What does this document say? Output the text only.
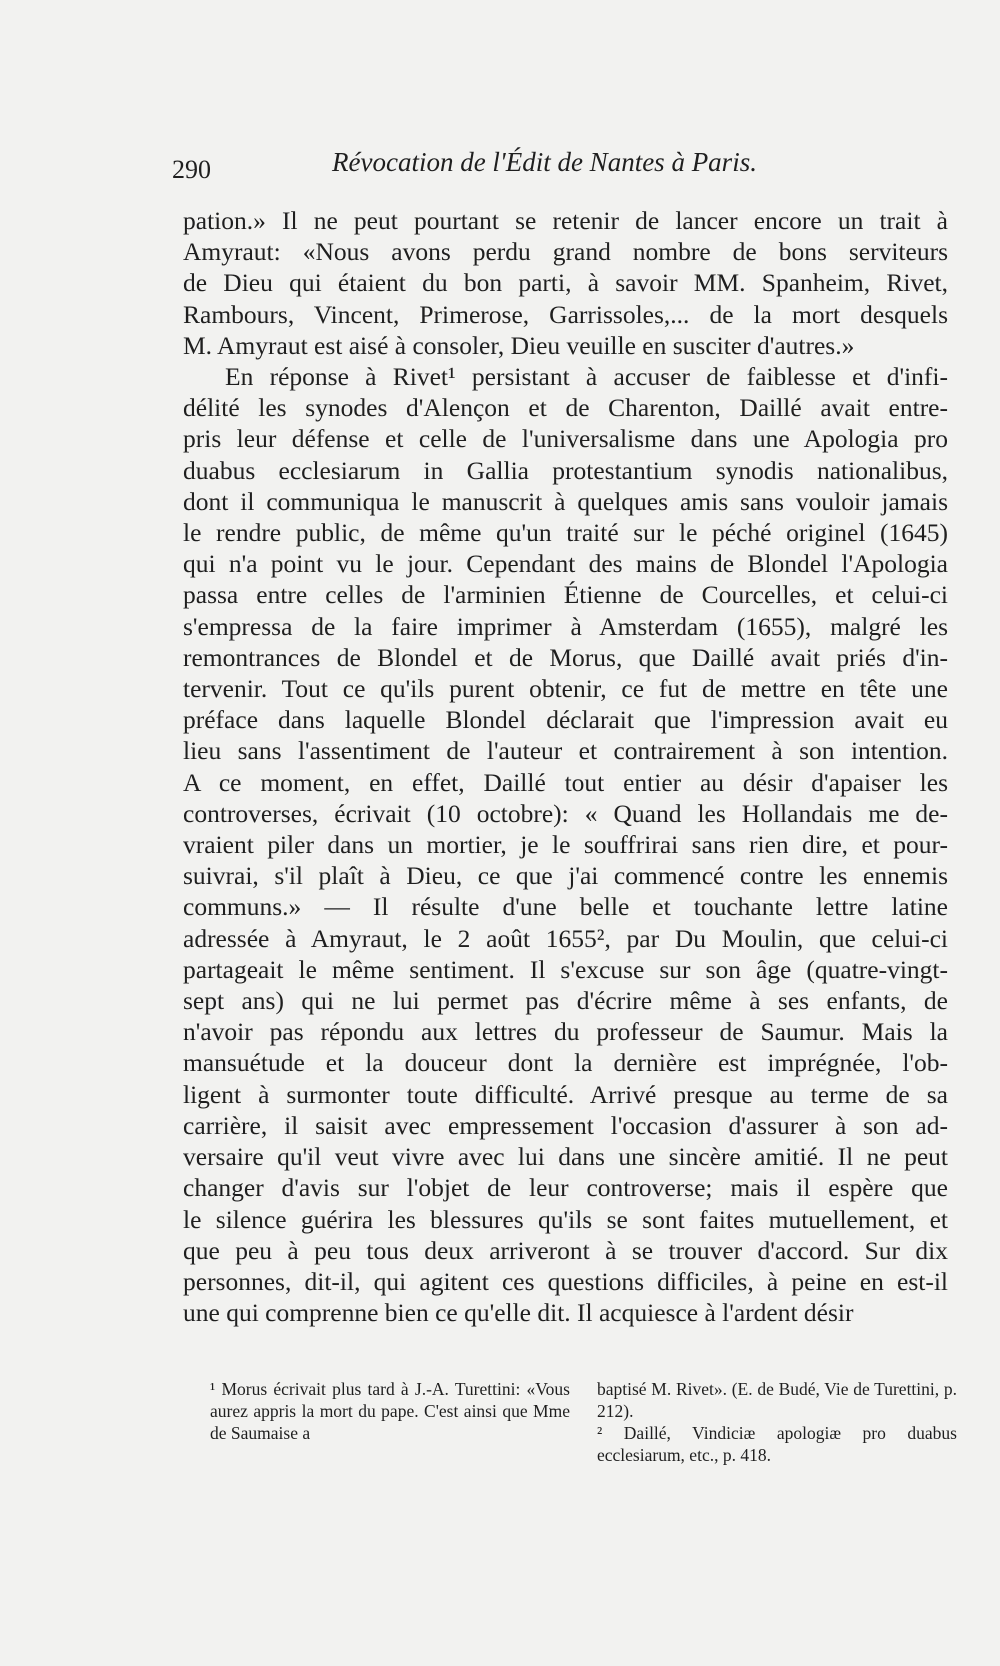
290	Révocation de l'Édit de Nantes à Paris.
pation.» Il ne peut pourtant se retenir de lancer encore un trait à
Amyraut: «Nous avons perdu grand nombre de bons serviteurs
de Dieu qui étaient du bon parti, à savoir MM. Spanheim, Rivet,
Rambours, Vincent, Primerose, Garrissoles,... de la mort desquels
M. Amyraut est aisé à consoler, Dieu veuille en susciter d'autres.»
En réponse à Rivet¹ persistant à accuser de faiblesse et d'infi-
délité les synodes d'Alençon et de Charenton, Daillé avait entre-
pris leur défense et celle de l'universalisme dans une Apologia pro
duabus ecclesiarum in Gallia protestantium synodis nationalibus,
dont il communiqua le manuscrit à quelques amis sans vouloir jamais
le rendre public, de même qu'un traité sur le péché originel (1645)
qui n'a point vu le jour. Cependant des mains de Blondel l'Apologia
passa entre celles de l'arminien Étienne de Courcelles, et celui-ci
s'empressa de la faire imprimer à Amsterdam (1655), malgré les
remontrances de Blondel et de Morus, que Daillé avait priés d'in-
tervenir. Tout ce qu'ils purent obtenir, ce fut de mettre en tête une
préface dans laquelle Blondel déclarait que l'impression avait eu
lieu sans l'assentiment de l'auteur et contrairement à son intention.
A ce moment, en effet, Daillé tout entier au désir d'apaiser les
controverses, écrivait (10 octobre): « Quand les Hollandais me de-
vraient piler dans un mortier, je le souffrirai sans rien dire, et pour-
suivrai, s'il plaît à Dieu, ce que j'ai commencé contre les ennemis
communs.» — Il résulte d'une belle et touchante lettre latine
adressée à Amyraut, le 2 août 1655², par Du Moulin, que celui-ci
partageait le même sentiment. Il s'excuse sur son âge (quatre-vingt-
sept ans) qui ne lui permet pas d'écrire même à ses enfants, de
n'avoir pas répondu aux lettres du professeur de Saumur. Mais la
mansuétude et la douceur dont la dernière est imprégnée, l'ob-
ligent à surmonter toute difficulté. Arrivé presque au terme de sa
carrière, il saisit avec empressement l'occasion d'assurer à son ad-
versaire qu'il veut vivre avec lui dans une sincère amitié. Il ne peut
changer d'avis sur l'objet de leur controverse; mais il espère que
le silence guérira les blessures qu'ils se sont faites mutuellement, et
que peu à peu tous deux arriveront à se trouver d'accord. Sur dix
personnes, dit-il, qui agitent ces questions difficiles, à peine en est-il
une qui comprenne bien ce qu'elle dit. Il acquiesce à l'ardent désir

¹ Morus écrivait plus tard à J.-A. Turettini: «Vous aurez appris la mort du pape. C'est ainsi que Mme de Saumaise a

baptisé M. Rivet». (E. de Budé, Vie de Turettini, p. 212).

² Daillé, Vindiciæ apologiæ pro duabus ecclesiarum, etc., p. 418.
